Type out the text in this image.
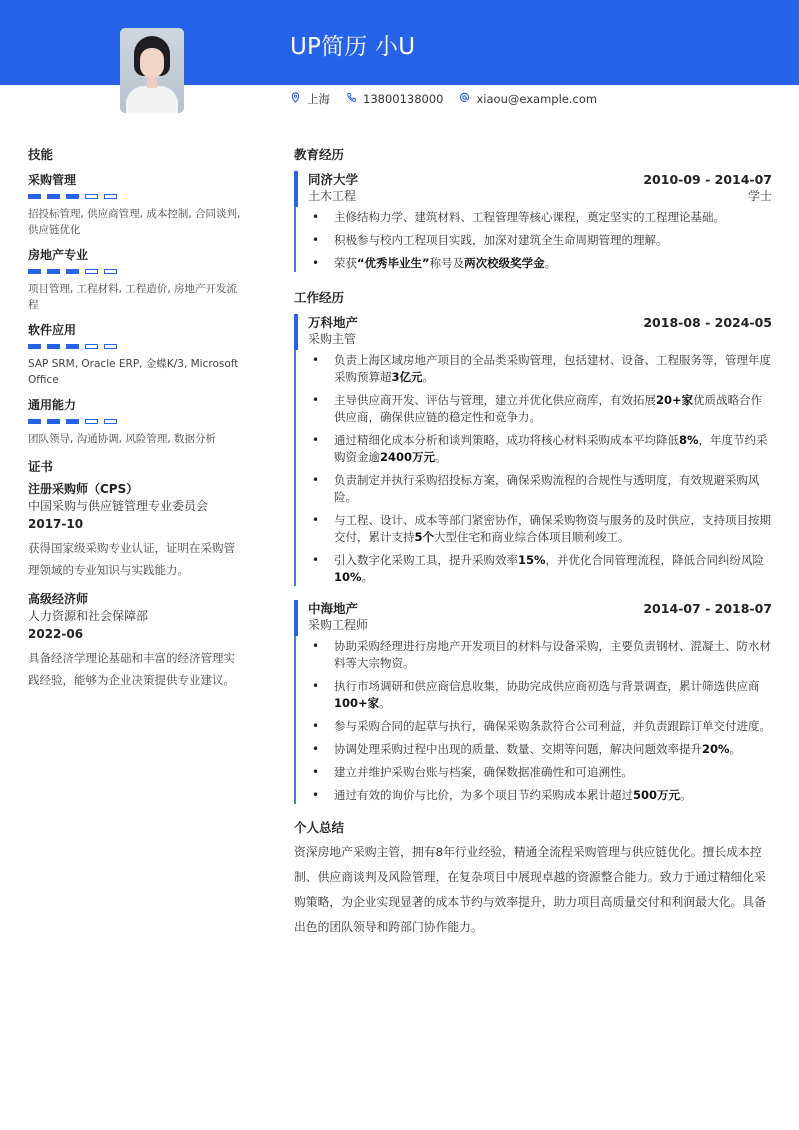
UP简历 小U
上海	13800138000	xiaou@example.com
技能
采购管理
招投标管理, 供应商管理, 成本控制, 合同谈判, 供应链优化
房地产专业
项目管理, 工程材料, 工程造价, 房地产开发流程
软件应用
SAP SRM, Oracle ERP, 金蝶K/3, Microsoft Office
通用能力
团队领导, 沟通协调, 风险管理, 数据分析
证书
注册采购师（CPS）
中国采购与供应链管理专业委员会
2017-10
获得国家级采购专业认证，证明在采购管理领域的专业知识与实践能力。
高级经济师
人力资源和社会保障部
2022-06
具备经济学理论基础和丰富的经济管理实践经验，能够为企业决策提供专业建议。
教育经历
同济大学	2010-09 - 2014-07
土木工程	学士
• 主修结构力学、建筑材料、工程管理等核心课程，奠定坚实的工程理论基础。
• 积极参与校内工程项目实践，加深对建筑全生命周期管理的理解。
• 荣获“优秀毕业生”称号及两次校级奖学金。
工作经历
万科地产	2018-08 - 2024-05
采购主管
• 负责上海区域房地产项目的全品类采购管理，包括建材、设备、工程服务等，管理年度采购预算超3亿元。
• 主导供应商开发、评估与管理，建立并优化供应商库，有效拓展20+家优质战略合作供应商，确保供应链的稳定性和竞争力。
• 通过精细化成本分析和谈判策略，成功将核心材料采购成本平均降低8%，年度节约采购资金逾2400万元。
• 负责制定并执行采购招投标方案，确保采购流程的合规性与透明度，有效规避采购风险。
• 与工程、设计、成本等部门紧密协作，确保采购物资与服务的及时供应，支持项目按期交付，累计支持5个大型住宅和商业综合体项目顺利竣工。
• 引入数字化采购工具，提升采购效率15%，并优化合同管理流程，降低合同纠纷风险10%。
中海地产	2014-07 - 2018-07
采购工程师
• 协助采购经理进行房地产开发项目的材料与设备采购，主要负责钢材、混凝土、防水材料等大宗物资。
• 执行市场调研和供应商信息收集，协助完成供应商初选与背景调查，累计筛选供应商100+家。
• 参与采购合同的起草与执行，确保采购条款符合公司利益，并负责跟踪订单交付进度。
• 协调处理采购过程中出现的质量、数量、交期等问题，解决问题效率提升20%。
• 建立并维护采购台账与档案，确保数据准确性和可追溯性。
• 通过有效的询价与比价，为多个项目节约采购成本累计超过500万元。
个人总结

资深房地产采购主管，拥有8年行业经验，精通全流程采购管理与供应链优化。擅长成本控制、供应商谈判及风险管理，在复杂项目中展现卓越的资源整合能力。致力于通过精细化采购策略，为企业实现显著的成本节约与效率提升，助力项目高质量交付和利润最大化。具备出色的团队领导和跨部门协作能力。
